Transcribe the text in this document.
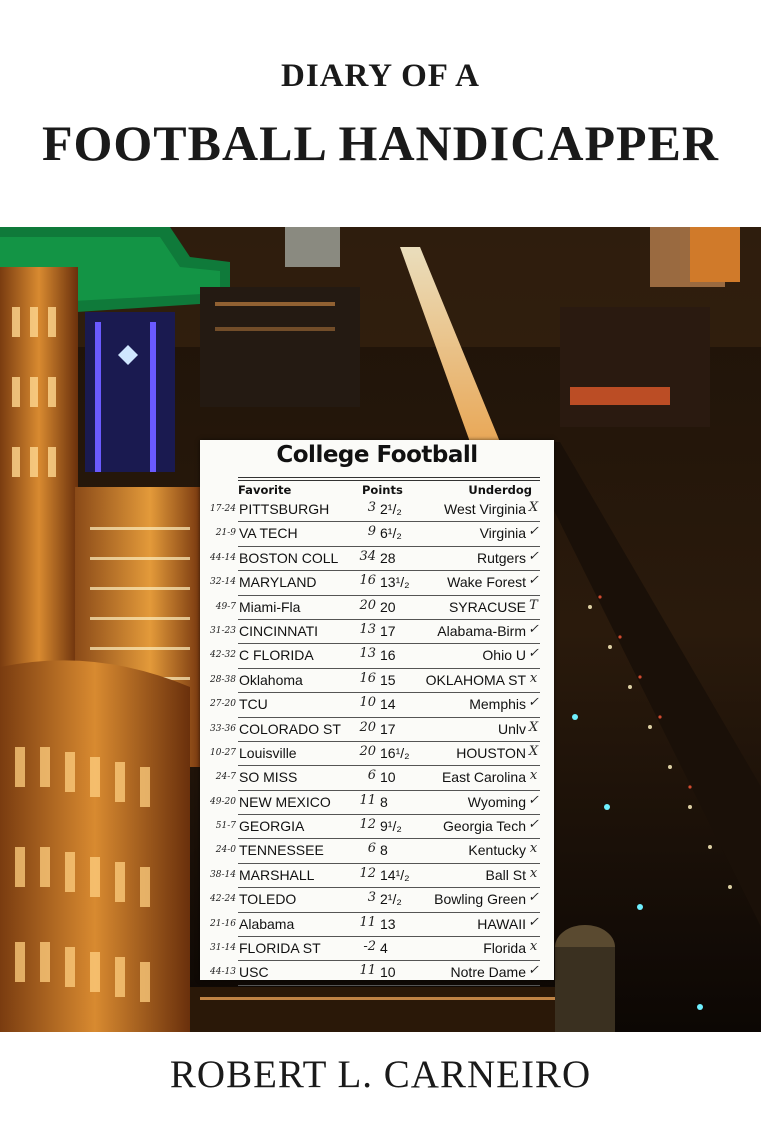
DIARY OF A
FOOTBALL HANDICAPPER
College Football
Favorite	Points	Underdog
17-24 PITTSBURGH	3 2¹/₂	West Virginia X
21-9 VA TECH	9 6¹/₂	Virginia ✓
44-14 BOSTON COLL	34 28	Rutgers ✓
32-14 MARYLAND	16 13¹/₂	Wake Forest ✓
49-7 Miami-Fla	20 20	SYRACUSE T
31-23 CINCINNATI	13 17	Alabama-Birm ✓
42-32 C FLORIDA	13 16	Ohio U ✓
28-38 Oklahoma	16 15 OKLAHOMA ST x
27-20 TCU	10 14	Memphis ✓
33-36 COLORADO ST	20 17	Unlv X
10-27 Louisville	20 16¹/₂	HOUSTON X
24-7 SO MISS	6 10	East Carolina x
49-20 NEW MEXICO	11 8	Wyoming ✓
51-7 GEORGIA	12 9¹/₂	Georgia Tech ✓
24-0 TENNESSEE	6 8	Kentucky x
38-14 MARSHALL	12 14¹/₂	Ball St x
42-24 TOLEDO	3 2¹/₂ Bowling Green ✓
21-16 Alabama	11 13	HAWAII ✓
31-14 FLORIDA ST	-2 4	Florida x
44-13 USC	11 10	Notre Dame ✓
ROBERT L. CARNEIRO
